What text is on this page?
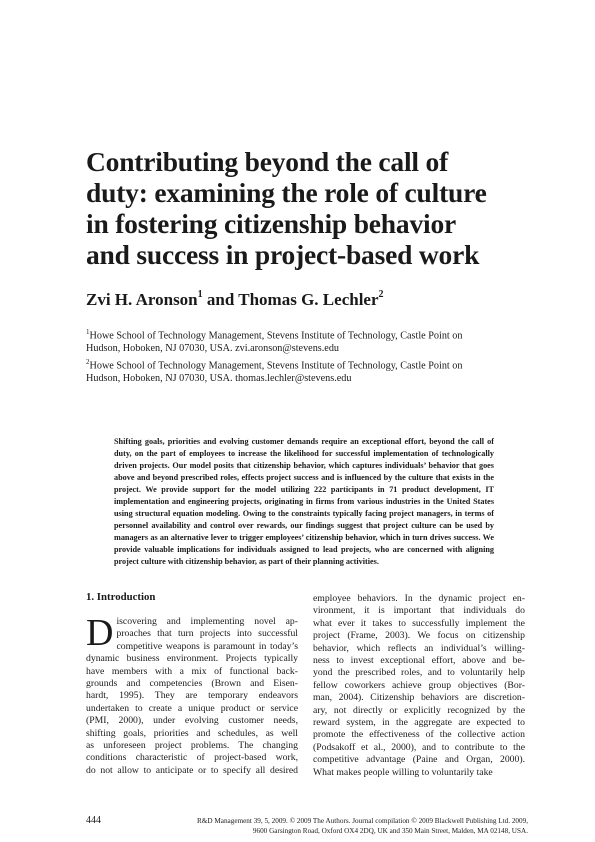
Contributing beyond the call of
duty: examining the role of culture
in fostering citizenship behavior
and success in project-based work

Zvi H. Aronson$^1$ and Thomas G. Lechler$^2$

$^1$Howe School of Technology Management, Stevens Institute of Technology, Castle Point on
Hudson, Hoboken, NJ 07030, USA. zvi.aronson@stevens.edu
$^2$Howe School of Technology Management, Stevens Institute of Technology, Castle Point on
Hudson, Hoboken, NJ 07030, USA. thomas.lechler@stevens.edu

Shifting goals, priorities and evolving customer demands require an exceptional effort, beyond the call of duty, on the part of employees to increase the likelihood for successful implementation of technologically driven projects. Our model posits that citizenship behavior, which captures individuals’ behavior that goes above and beyond prescribed roles, effects project success and is influenced by the culture that exists in the project. We provide support for the model utilizing 222 participants in 71 product development, IT implementation and engineering projects, originating in firms from various industries in the United States using structural equation modeling. Owing to the constraints typically facing project managers, in terms of personnel availability and control over rewards, our findings suggest that project culture can be used by managers as an alternative lever to trigger employees’ citizenship behavior, which in turn drives success. We provide valuable implications for individuals assigned to lead projects, who are concerned with aligning project culture with citizenship behavior, as part of their planning activities.

1. Introduction
D iscovering and implementing novel ap-
proaches that turn projects into successful
competitive weapons is paramount in today’s
dynamic business environment. Projects typically
have members with a mix of functional back-
grounds and competencies (Brown and Eisen-
hardt, 1995). They are temporary endeavors
undertaken to create a unique product or service
(PMI, 2000), under evolving customer needs,
shifting goals, priorities and schedules, as well
as unforeseen project problems. The changing
conditions characteristic of project-based work,
do not allow to anticipate or to specify all desired
employee behaviors. In the dynamic project en-
vironment, it is important that individuals do
what ever it takes to successfully implement the
project (Frame, 2003). We focus on citizenship
behavior, which reflects an individual’s willing-
ness to invest exceptional effort, above and be-
yond the prescribed roles, and to voluntarily help
fellow coworkers achieve group objectives (Bor-
man, 2004). Citizenship behaviors are discretion-
ary, not directly or explicitly recognized by the
reward system, in the aggregate are expected to
promote the effectiveness of the collective action
(Podsakoff et al., 2000), and to contribute to the
competitive advantage (Paine and Organ, 2000).
What makes people willing to voluntarily take
444	R&D Management 39, 5, 2009. © 2009 The Authors. Journal compilation © 2009 Blackwell Publishing Ltd. 2009,
9600 Garsington Road, Oxford OX4 2DQ, UK and 350 Main Street, Malden, MA 02148, USA.
